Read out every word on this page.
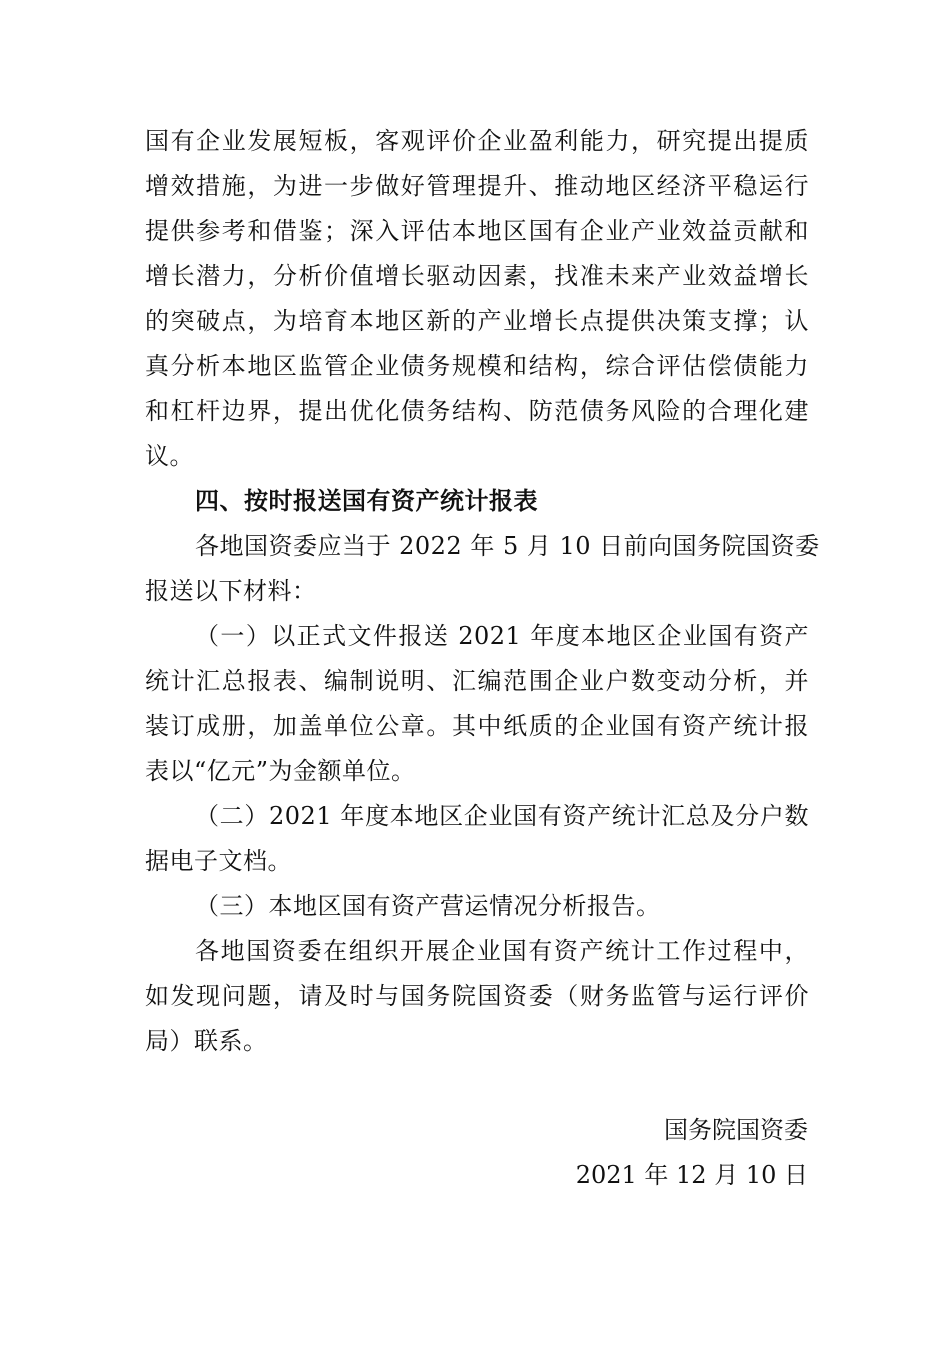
国有企业发展短板，客观评价企业盈利能力，研究提出提质
增效措施，为进一步做好管理提升、推动地区经济平稳运行
提供参考和借鉴；深入评估本地区国有企业产业效益贡献和
增长潜力，分析价值增长驱动因素，找准未来产业效益增长
的突破点，为培育本地区新的产业增长点提供决策支撑；认
真分析本地区监管企业债务规模和结构，综合评估偿债能力
和杠杆边界，提出优化债务结构、防范债务风险的合理化建
议。
四、按时报送国有资产统计报表
各地国资委应当于 2022 年 5 月 10 日前向国务院国资委
报送以下材料：
（一）以正式文件报送 2021 年度本地区企业国有资产
统计汇总报表、编制说明、汇编范围企业户数变动分析，并
装订成册，加盖单位公章。其中纸质的企业国有资产统计报
表以“亿元”为金额单位。
（二）2021 年度本地区企业国有资产统计汇总及分户数
据电子文档。
（三）本地区国有资产营运情况分析报告。
各地国资委在组织开展企业国有资产统计工作过程中，
如发现问题，请及时与国务院国资委（财务监管与运行评价
局）联系。
国务院国资委
2021 年 12 月 10 日
